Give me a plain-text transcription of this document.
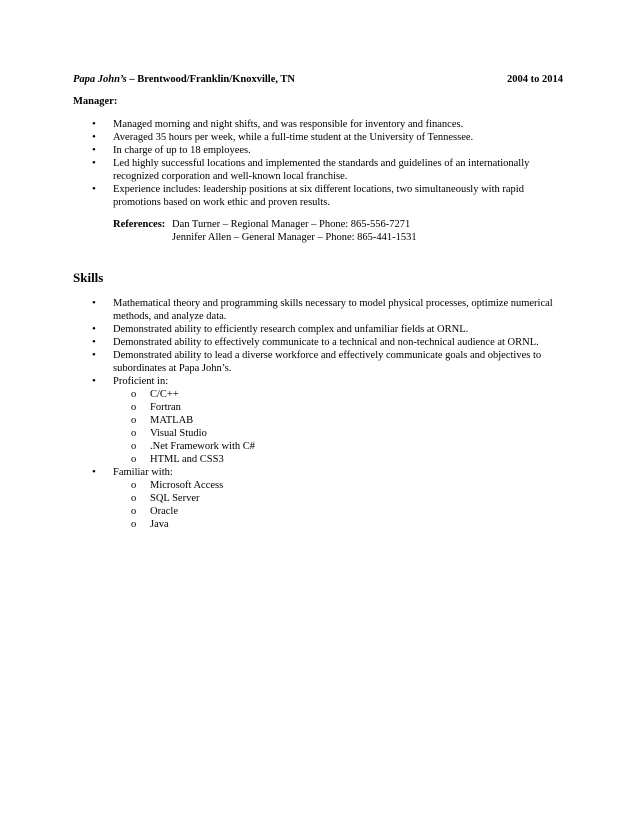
Papa John’s – Brentwood/Franklin/Knoxville, TN	2004 to 2014
Manager:
• Managed morning and night shifts, and was responsible for inventory and finances.
• Averaged 35 hours per week, while a full-time student at the University of Tennessee.
• In charge of up to 18 employees.
• Led highly successful locations and implemented the standards and guidelines of an internationally recognized corporation and well-known local franchise.
• Experience includes: leadership positions at six different locations, two simultaneously with rapid promotions based on work ethic and proven results.
References: Dan Turner – Regional Manager – Phone: 865-556-7271
Jennifer Allen – General Manager – Phone: 865-441-1531
Skills
• Mathematical theory and programming skills necessary to model physical processes, optimize numerical methods, and analyze data.
• Demonstrated ability to efficiently research complex and unfamiliar fields at ORNL.
• Demonstrated ability to effectively communicate to a technical and non-technical audience at ORNL.
• Demonstrated ability to lead a diverse workforce and effectively communicate goals and objectives to subordinates at Papa John’s.
• Proficient in:
o C/C++
o Fortran
o MATLAB
o Visual Studio
o .Net Framework with C#
o HTML and CSS3
• Familiar with:
o Microsoft Access
o SQL Server
o Oracle
o Java
